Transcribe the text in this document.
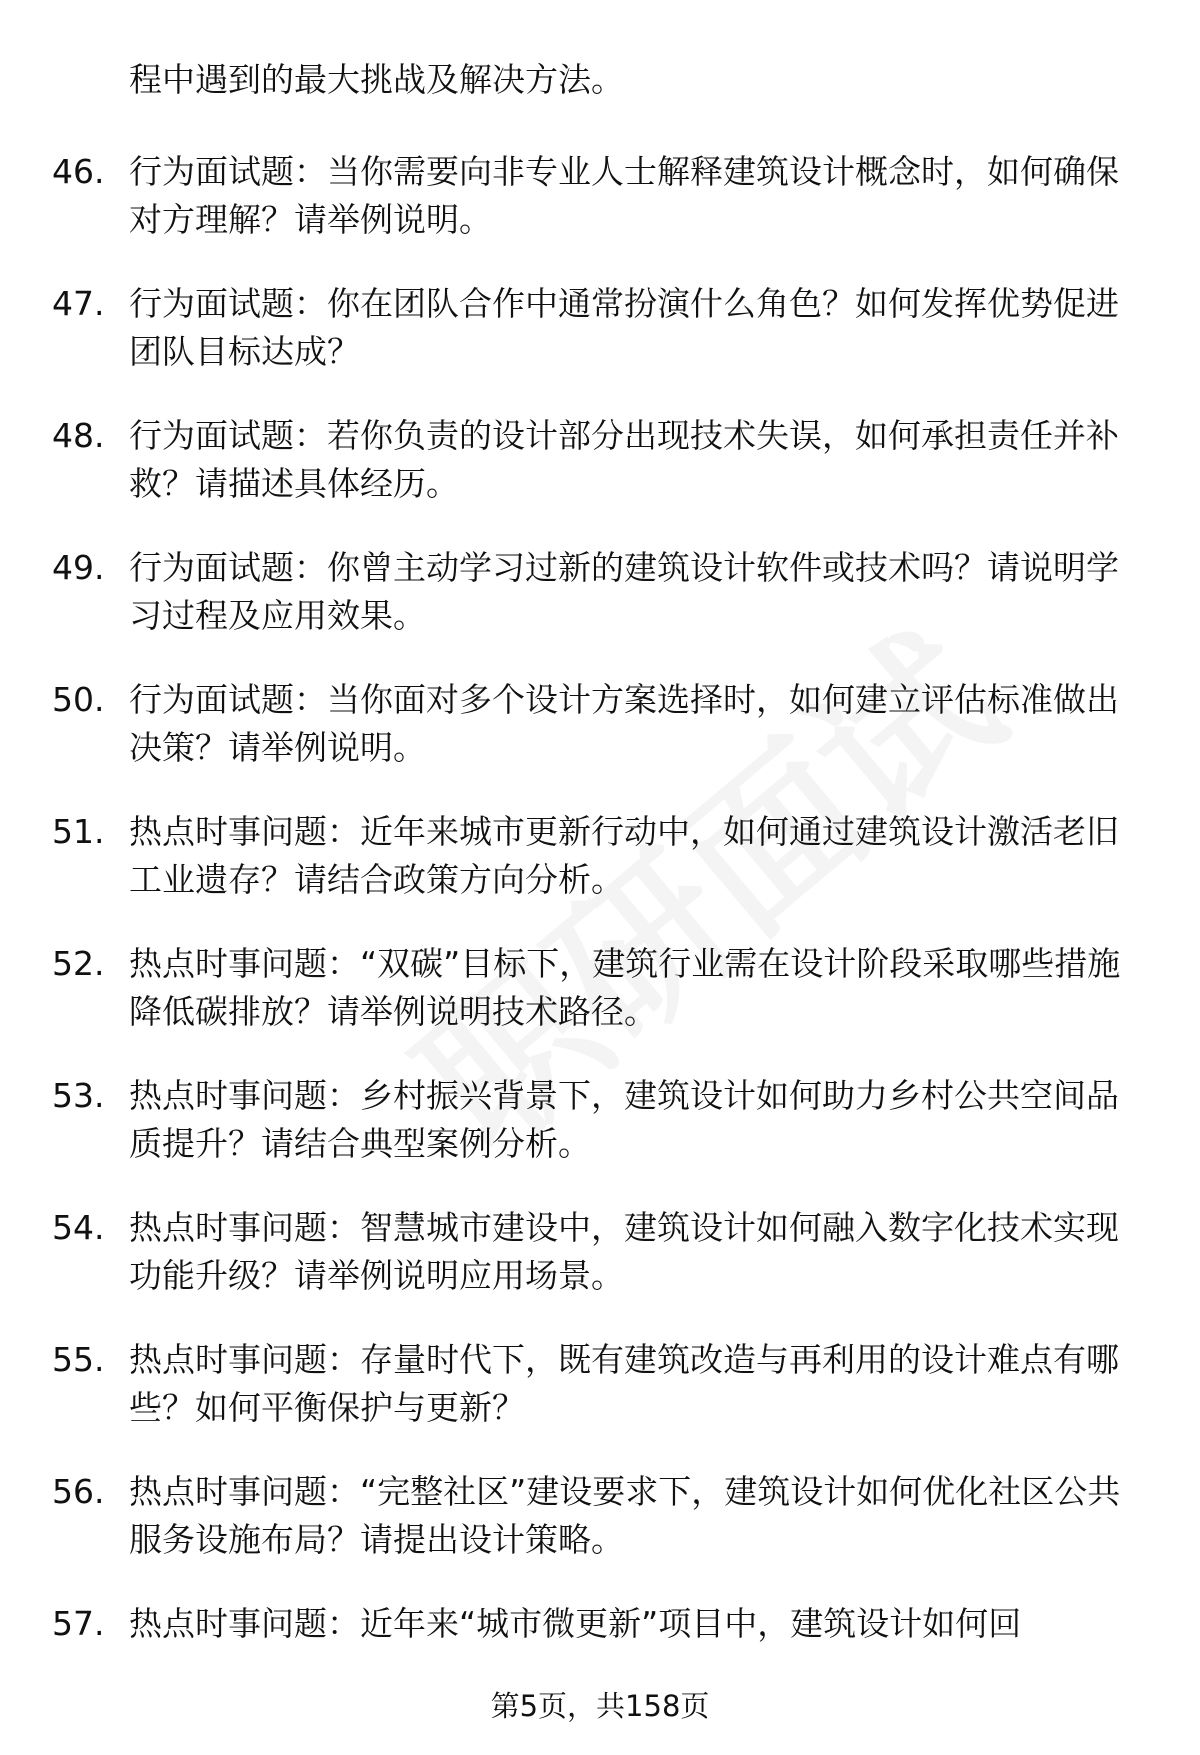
程中遇到的最大挑战及解决方法。
46. 行为面试题：当你需要向非专业人士解释建筑设计概念时，如何确保对方理解？请举例说明。
47. 行为面试题：你在团队合作中通常扮演什么角色？如何发挥优势促进团队目标达成？
48. 行为面试题：若你负责的设计部分出现技术失误，如何承担责任并补救？请描述具体经历。
49. 行为面试题：你曾主动学习过新的建筑设计软件或技术吗？请说明学习过程及应用效果。
50. 行为面试题：当你面对多个设计方案选择时，如何建立评估标准做出决策？请举例说明。
51. 热点时事问题：近年来城市更新行动中，如何通过建筑设计激活老旧工业遗存？请结合政策方向分析。
52. 热点时事问题：“双碳”目标下，建筑行业需在设计阶段采取哪些措施降低碳排放？请举例说明技术路径。
53. 热点时事问题：乡村振兴背景下，建筑设计如何助力乡村公共空间品质提升？请结合典型案例分析。
54. 热点时事问题：智慧城市建设中，建筑设计如何融入数字化技术实现功能升级？请举例说明应用场景。
55. 热点时事问题：存量时代下，既有建筑改造与再利用的设计难点有哪些？如何平衡保护与更新？
56. 热点时事问题：“完整社区”建设要求下，建筑设计如何优化社区公共服务设施布局？请提出设计策略。
57. 热点时事问题：近年来“城市微更新”项目中，建筑设计如何回
第5页，共158页
